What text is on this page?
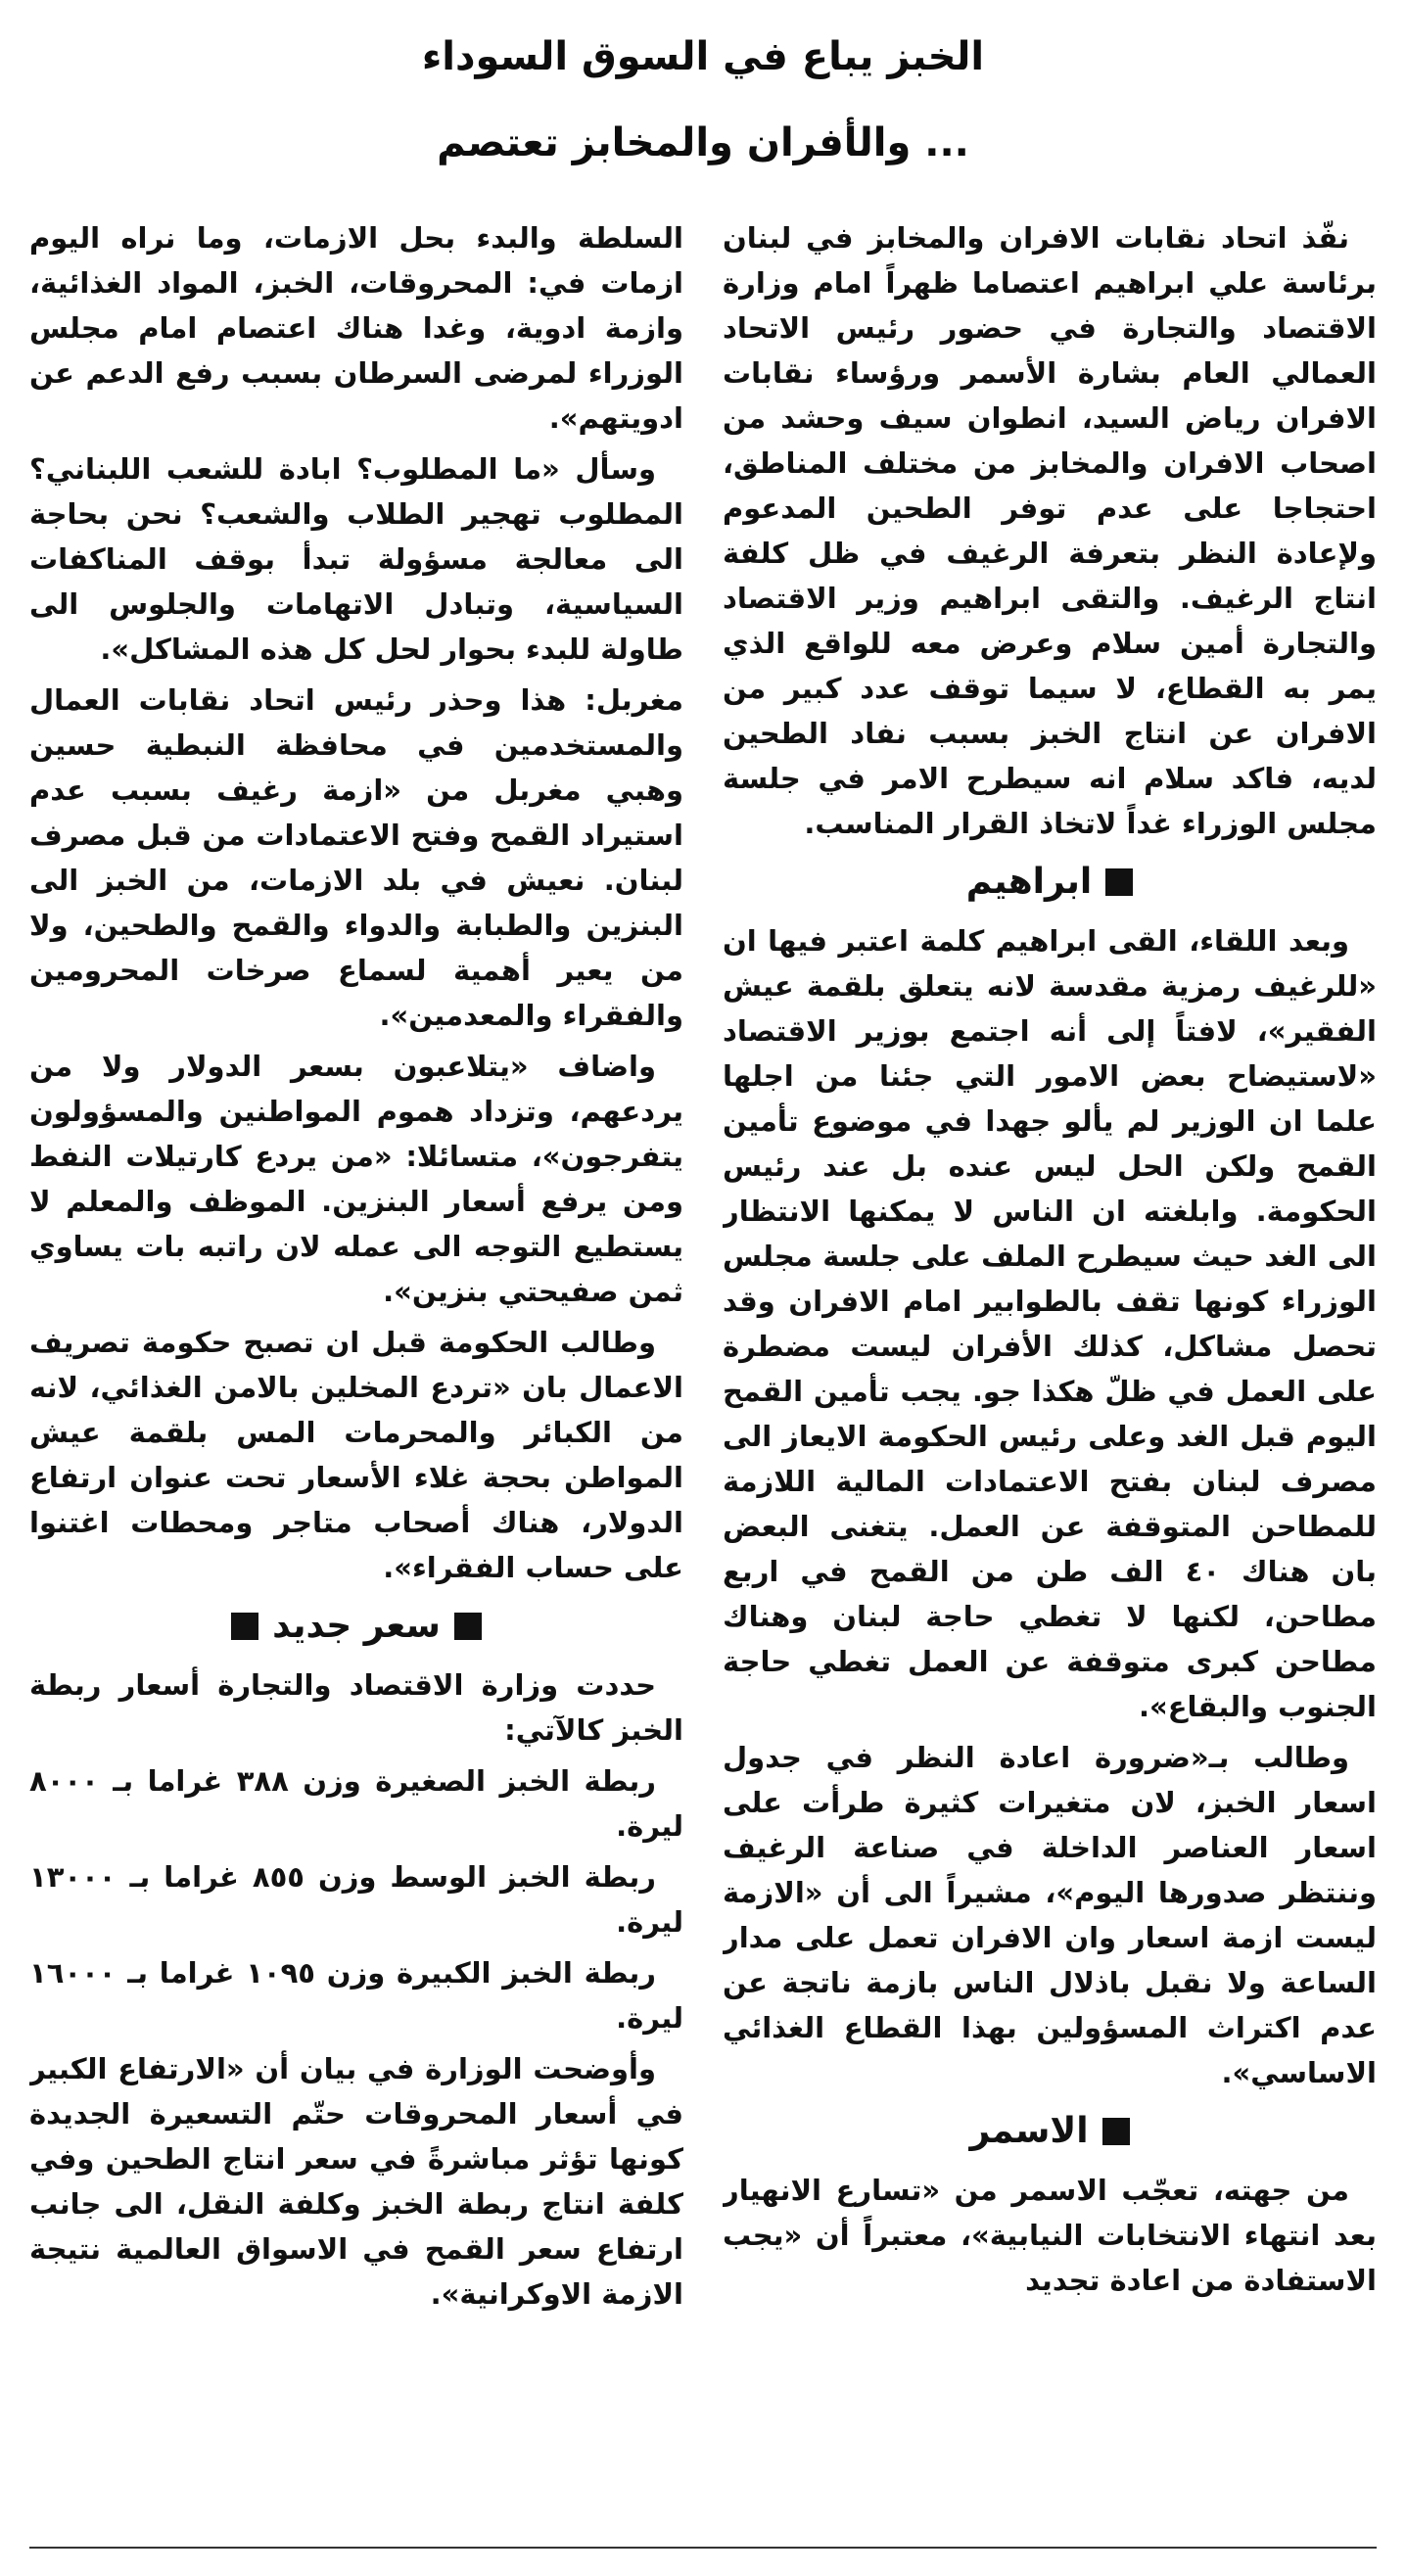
الخبز يباع في السوق السوداء
... والأفران والمخابز تعتصم

نفّذ اتحاد نقابات الافران والمخابز في لبنان برئاسة علي ابراهيم اعتصاما ظهراً امام وزارة الاقتصاد والتجارة في حضور رئيس الاتحاد العمالي العام بشارة الأسمر ورؤساء نقابات الافران رياض السيد، انطوان سيف وحشد من اصحاب الافران والمخابز من مختلف المناطق، احتجاجا على عدم توفر الطحين المدعوم ولإعادة النظر بتعرفة الرغيف في ظل كلفة انتاج الرغيف. والتقى ابراهيم وزير الاقتصاد والتجارة أمين سلام وعرض معه للواقع الذي يمر به القطاع، لا سيما توقف عدد كبير من الافران عن انتاج الخبز بسبب نفاد الطحين لديه، فاكد سلام انه سيطرح الامر في جلسة مجلس الوزراء غداً لاتخاذ القرار المناسب.

ابراهيم

وبعد اللقاء، القى ابراهيم كلمة اعتبر فيها ان «للرغيف رمزية مقدسة لانه يتعلق بلقمة عيش الفقير»، لافتاً إلى أنه اجتمع بوزير الاقتصاد «لاستيضاح بعض الامور التي جئنا من اجلها علما ان الوزير لم يألو جهدا في موضوع تأمين القمح ولكن الحل ليس عنده بل عند رئيس الحكومة. وابلغته ان الناس لا يمكنها الانتظار الى الغد حيث سيطرح الملف على جلسة مجلس الوزراء كونها تقف بالطوابير امام الافران وقد تحصل مشاكل، كذلك الأفران ليست مضطرة على العمل في ظلّ هكذا جو. يجب تأمين القمح اليوم قبل الغد وعلى رئيس الحكومة الايعاز الى مصرف لبنان بفتح الاعتمادات المالية اللازمة للمطاحن المتوقفة عن العمل. يتغنى البعض بان هناك ٤٠ الف طن من القمح في اربع مطاحن، لكنها لا تغطي حاجة لبنان وهناك مطاحن كبرى متوقفة عن العمل تغطي حاجة الجنوب والبقاع».

وطالب بـ«ضرورة اعادة النظر في جدول اسعار الخبز، لان متغيرات كثيرة طرأت على اسعار العناصر الداخلة في صناعة الرغيف وننتظر صدورها اليوم»، مشيراً الى أن «الازمة ليست ازمة اسعار وان الافران تعمل على مدار الساعة ولا نقبل باذلال الناس بازمة ناتجة عن عدم اكتراث المسؤولين بهذا القطاع الغذائي الاساسي».

الاسمر

من جهته، تعجّب الاسمر من «تسارع الانهيار بعد انتهاء الانتخابات النيابية»، معتبراً أن «يجب الاستفادة من اعادة تجديد

السلطة والبدء بحل الازمات، وما نراه اليوم ازمات في: المحروقات، الخبز، المواد الغذائية، وازمة ادوية، وغدا هناك اعتصام امام مجلس الوزراء لمرضى السرطان بسبب رفع الدعم عن ادويتهم».

وسأل «ما المطلوب؟ ابادة للشعب اللبناني؟ المطلوب تهجير الطلاب والشعب؟ نحن بحاجة الى معالجة مسؤولة تبدأ بوقف المناكفات السياسية، وتبادل الاتهامات والجلوس الى طاولة للبدء بحوار لحل كل هذه المشاكل».

مغربل: هذا وحذر رئيس اتحاد نقابات العمال والمستخدمين في محافظة النبطية حسين وهبي مغربل من «ازمة رغيف بسبب عدم استيراد القمح وفتح الاعتمادات من قبل مصرف لبنان. نعيش في بلد الازمات، من الخبز الى البنزين والطبابة والدواء والقمح والطحين، ولا من يعير أهمية لسماع صرخات المحرومين والفقراء والمعدمين».

واضاف «يتلاعبون بسعر الدولار ولا من يردعهم، وتزداد هموم المواطنين والمسؤولون يتفرجون»، متسائلا: «من يردع كارتيلات النفط ومن يرفع أسعار البنزين. الموظف والمعلم لا يستطيع التوجه الى عمله لان راتبه بات يساوي ثمن صفيحتي بنزين».

وطالب الحكومة قبل ان تصبح حكومة تصريف الاعمال بان «تردع المخلين بالامن الغذائي، لانه من الكبائر والمحرمات المس بلقمة عيش المواطن بحجة غلاء الأسعار تحت عنوان ارتفاع الدولار، هناك أصحاب متاجر ومحطات اغتنوا على حساب الفقراء».

سعر جديد

حددت وزارة الاقتصاد والتجارة أسعار ربطة الخبز كالآتي:

ربطة الخبز الصغيرة وزن ٣٨٨ غراما بـ ٨٠٠٠ ليرة.

ربطة الخبز الوسط وزن ٨٥٥ غراما بـ ١٣٠٠٠ ليرة.

ربطة الخبز الكبيرة وزن ١٠٩٥ غراما بـ ١٦٠٠٠ ليرة.

وأوضحت الوزارة في بيان أن «الارتفاع الكبير في أسعار المحروقات حتّم التسعيرة الجديدة كونها تؤثر مباشرةً في سعر انتاج الطحين وفي كلفة انتاج ربطة الخبز وكلفة النقل، الى جانب ارتفاع سعر القمح في الاسواق العالمية نتيجة الازمة الاوكرانية».
